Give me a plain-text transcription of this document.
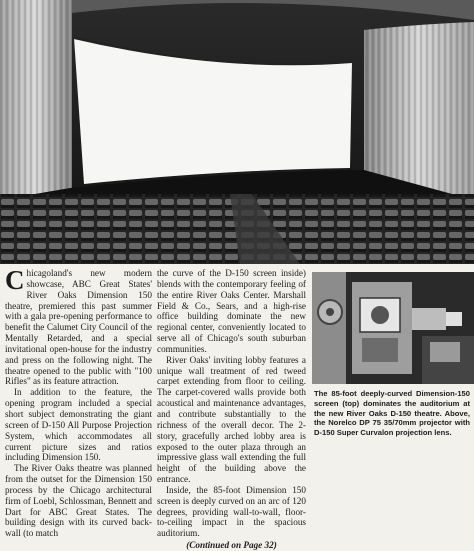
Chicagoland's new modern showcase, ABC Great States' River Oaks Dimension 150 theatre, premiered this past summer with a gala pre-opening performance to benefit the Calumet City Council of the Mentally Retarded, and a special invitational open-house for the industry and press on the following night. The theatre opened to the public with "100 Rifles" as its feature attraction.

In addition to the feature, the opening program included a special short subject demonstrating the giant screen of D-150 All Purpose Projection System, which accommodates all current picture sizes and ratios including Dimension 150.

The River Oaks theatre was planned from the outset for the Dimension 150 process by the Chicago architectural firm of Loebl, Schlossman, Bennett and Dart for ABC Great States. The building design with its curved back-wall (to match

the curve of the D-150 screen inside) blends with the contemporary feeling of the entire River Oaks Center. Marshall Field & Co., Sears, and a high-rise office building dominate the new regional center, conveniently located to serve all of Chicago's south suburban communities.

River Oaks' inviting lobby features a unique wall treatment of red tweed carpet extending from floor to ceiling. The carpet-covered walls provide both acoustical and maintenance advantages, and contribute substantially to the richness of the overall decor. The 2-story, gracefully arched lobby area is exposed to the outer plaza through an impressive glass wall extending the full height of the building above the entrance.

Inside, the 85-foot Dimension 150 screen is deeply curved on an arc of 120 degrees, providing wall-to-wall, floor-to-ceiling impact in the spacious auditorium.

(Continued on Page 32)

The 85-foot deeply-curved Dimension-150 screen (top) dominates the auditorium at the new River Oaks D-150 theatre. Above, the Norelco DP 75 35/70mm projector with D-150 Super Curvalon projection lens.
